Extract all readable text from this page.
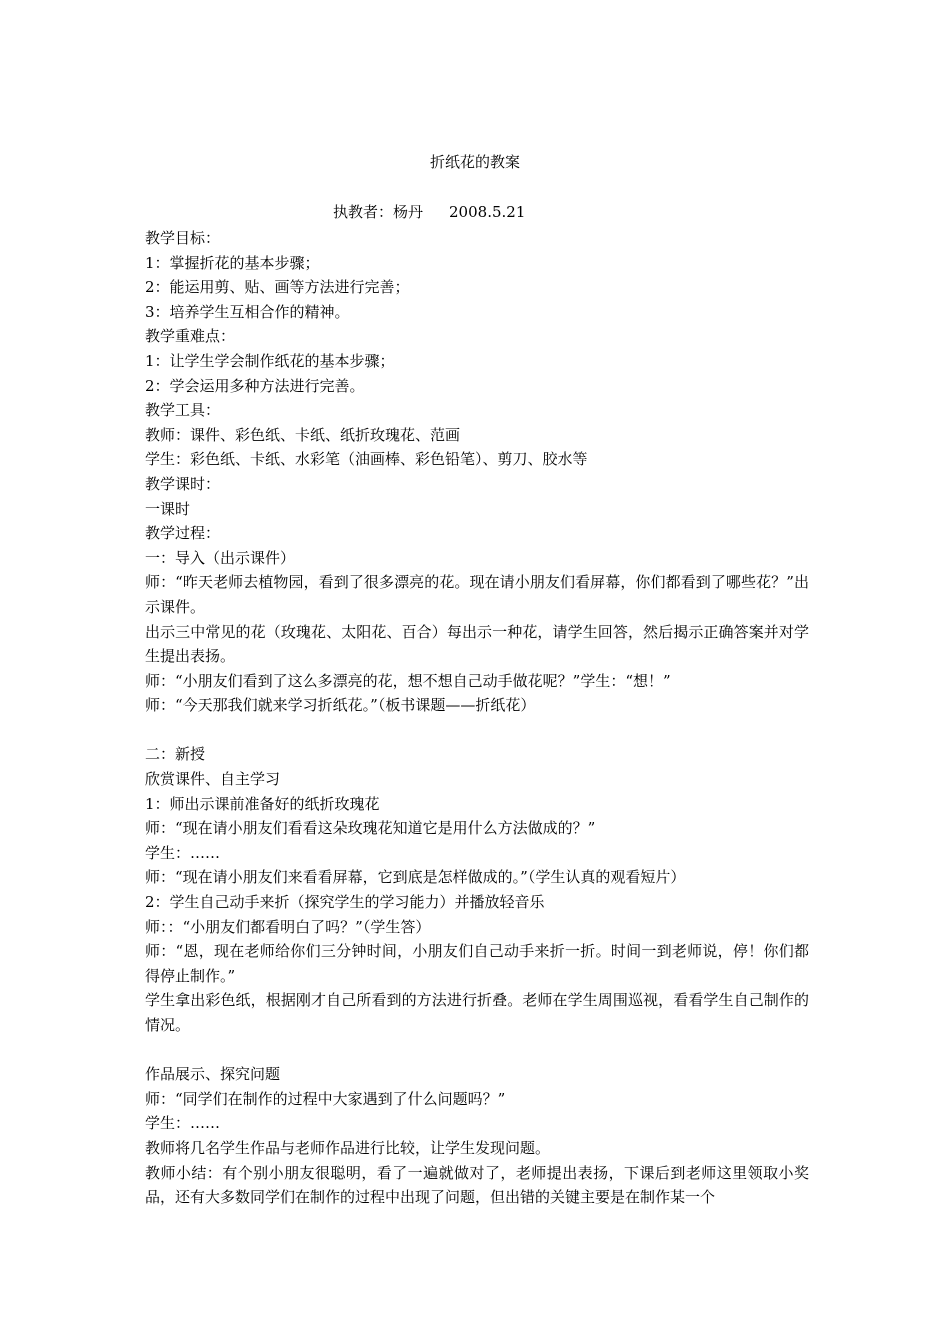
折纸花的教案
执教者：杨丹 2008.5.21

教学目标：

1：掌握折花的基本步骤；

2：能运用剪、贴、画等方法进行完善；

3：培养学生互相合作的精神。

教学重难点：

1：让学生学会制作纸花的基本步骤；

2：学会运用多种方法进行完善。

教学工具：

教师：课件、彩色纸、卡纸、纸折玫瑰花、范画

学生：彩色纸、卡纸、水彩笔（油画棒、彩色铅笔）、剪刀、胶水等

教学课时：

一课时

教学过程：

一：导入（出示课件）

师：“昨天老师去植物园，看到了很多漂亮的花。现在请小朋友们看屏幕，你们都看到了哪些花？”出示课件。

出示三中常见的花（玫瑰花、太阳花、百合）每出示一种花，请学生回答，然后揭示正确答案并对学生提出表扬。

师：“小朋友们看到了这么多漂亮的花，想不想自己动手做花呢？”学生：“想！”

师：“今天那我们就来学习折纸花。”（板书课题——折纸花）

二：新授

欣赏课件、自主学习

1：师出示课前准备好的纸折玫瑰花

师：“现在请小朋友们看看这朵玫瑰花知道它是用什么方法做成的？”

学生：……

师：“现在请小朋友们来看看屏幕，它到底是怎样做成的。”（学生认真的观看短片）

2：学生自己动手来折（探究学生的学习能力）并播放轻音乐

师：：“小朋友们都看明白了吗？”（学生答）

师：“恩，现在老师给你们三分钟时间，小朋友们自己动手来折一折。时间一到老师说，停！你们都得停止制作。”

学生拿出彩色纸，根据刚才自己所看到的方法进行折叠。老师在学生周围巡视，看看学生自己制作的情况。

作品展示、探究问题

师：“同学们在制作的过程中大家遇到了什么问题吗？”

学生：……

教师将几名学生作品与老师作品进行比较，让学生发现问题。

教师小结：有个别小朋友很聪明，看了一遍就做对了，老师提出表扬，下课后到老师这里领取小奖品，还有大多数同学们在制作的过程中出现了问题，但出错的关键主要是在制作某一个
